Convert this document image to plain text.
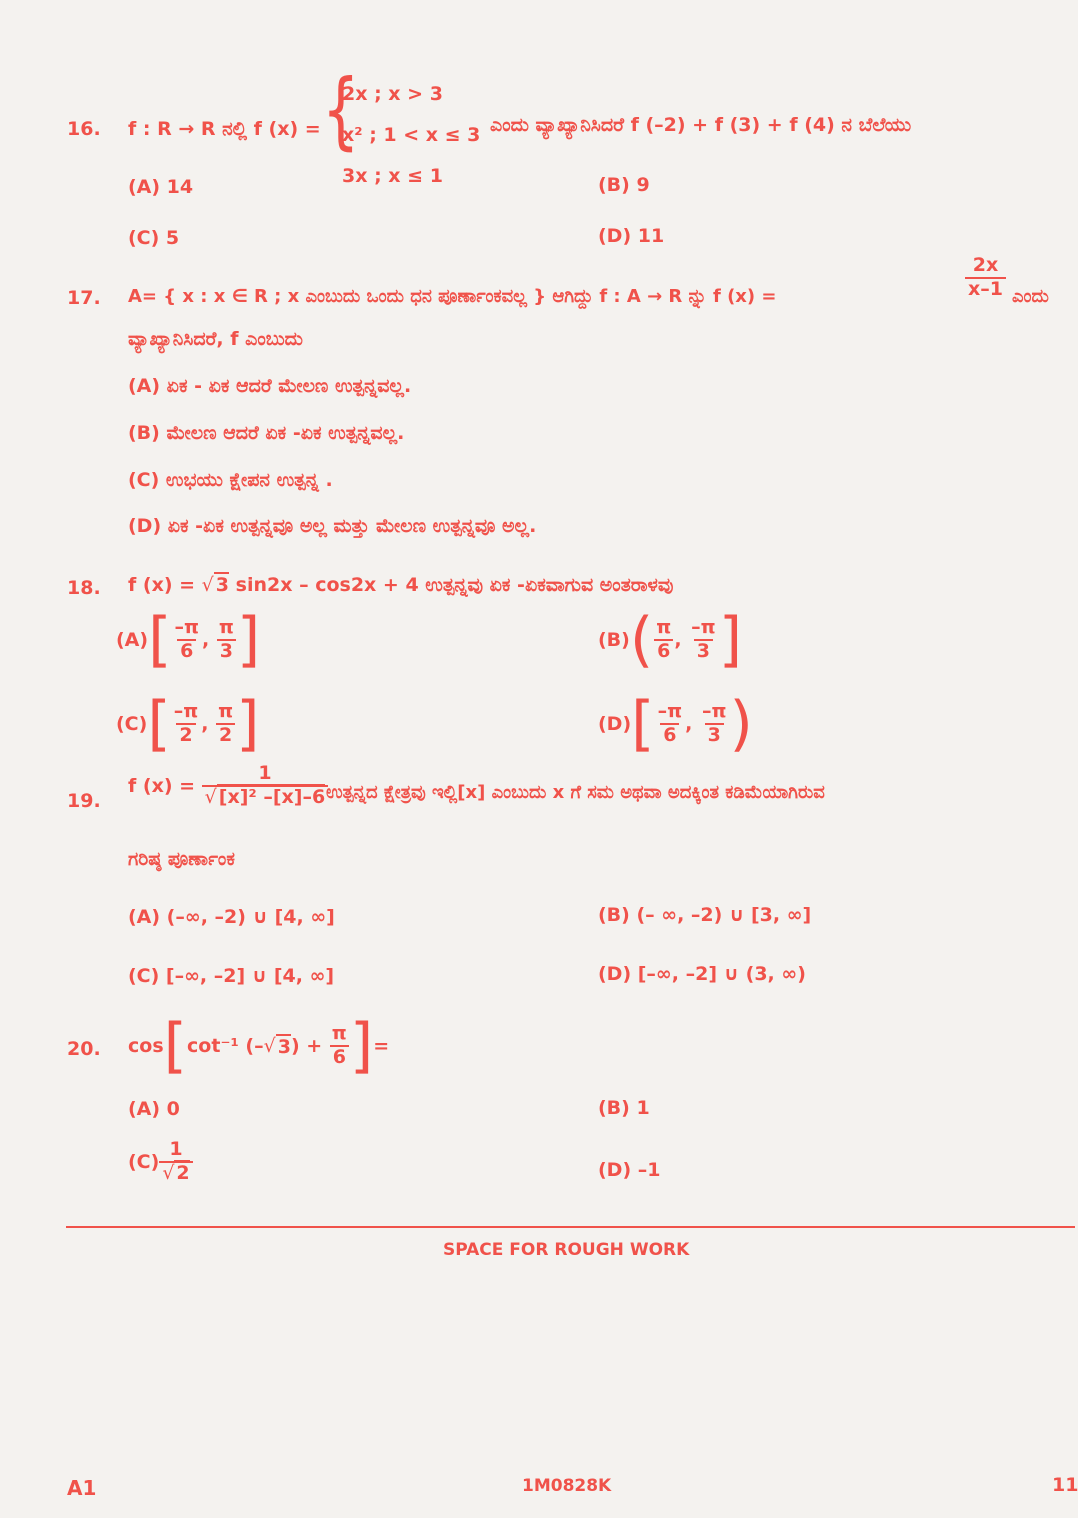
16. f : R → R ನಲ್ಲಿ f (x) = {
2x ; x > 3
x² ; 1 < x ≤ 3
3x ; x ≤ 1
ಎಂದು ವ್ಯಾಖ್ಯಾನಿಸಿದರೆ f (–2) + f (3) + f (4) ನ ಬೆಲೆಯು
(A) 14	(B) 9
(C) 5	(D) 11
17. A= { x : x ∈ R ; x ಎಂಬುದು ಒಂದು ಧನ ಪೂರ್ಣಾಂಕವಲ್ಲ } ಆಗಿದ್ದು f : A → R ನ್ನು f (x) =	$\frac{2x}{x-1}$ ಎಂದು
ವ್ಯಾಖ್ಯಾನಿಸಿದರೆ, f ಎಂಬುದು
(A) ಏಕ - ಏಕ ಆದರೆ ಮೇಲಣ ಉತ್ಪನ್ನವಲ್ಲ.
(B) ಮೇಲಣ ಆದರೆ ಏಕ -ಏಕ ಉತ್ಪನ್ನವಲ್ಲ.
(C) ಉಭಯು ಕ್ಷೇಪನ ಉತ್ಪನ್ನ .
(D) ಏಕ -ಏಕ ಉತ್ಪನ್ನವೂ ಅಲ್ಲ ಮತ್ತು ಮೇಲಣ ಉತ್ಪನ್ನವೂ ಅಲ್ಲ.
18. f (x) = √ 3 sin2x – cos2x + 4 ಉತ್ಪನ್ನವು ಏಕ -ಏಕವಾಗುವ ಅಂತರಾಳವು
(A) [ $\frac{-\pi}{6}$ , $\frac{\pi}{3}$ ]	(B) ( $\frac{\pi}{6}$ , $\frac{-\pi}{3}$ ]
(C) [ $\frac{-\pi}{2}$ , $\frac{\pi}{2}$ ]	(D) [ $\frac{-\pi}{6}$ , $\frac{-\pi}{3}$ )
19.
f (x) =
$\frac{1}{\text{√ [x]² –[x]–6}}$
ಉತ್ಪನ್ನದ ಕ್ಷೇತ್ರವು ಇಲ್ಲಿ[x] ಎಂಬುದು x ಗೆ ಸಮ ಅಥವಾ ಅದಕ್ಕಿಂತ ಕಡಿಮೆಯಾಗಿರುವ
ಗರಿಷ್ಠ ಪೂರ್ಣಾಂಕ
(A) (–∞, –2) ∪ [4, ∞]	(B) (– ∞, –2) ∪ [3, ∞]
(C) [–∞, –2] ∪ [4, ∞]	(D) [–∞, –2] ∪ (3, ∞)
20. cos [ cot⁻¹ (– √ 3 ) +
$\frac{\pi}{6}$ ] =
(A) 0	(B) 1
$(C) \frac{1}{√ 2}$	(D) –1
SPACE FOR ROUGH WORK
A1	1M0828K	11
